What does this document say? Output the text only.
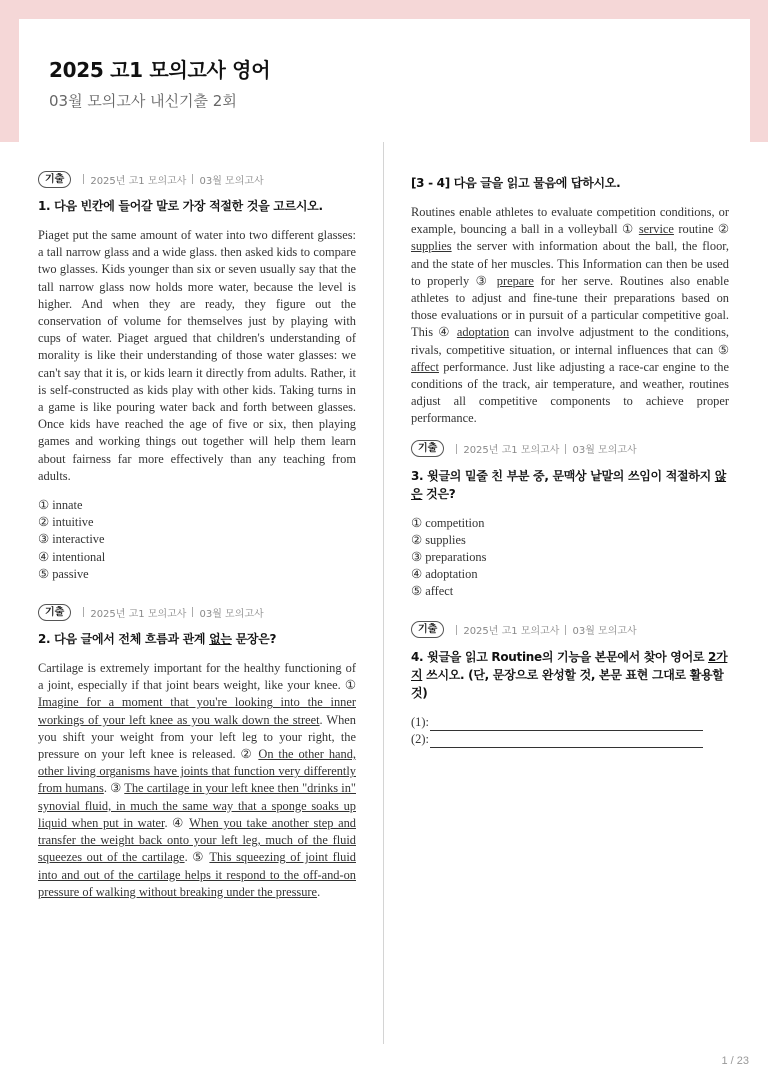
2025 고1 모의고사 영어
03월 모의고사 내신기출 2회
기출	2025년 고1 모의고사 03월 모의고사
1. 다음 빈칸에 들어갈 말로 가장 적절한 것을 고르시오.
Piaget put the same amount of water into two different glasses: a tall narrow glass and a wide glass. then asked kids to compare two glasses. Kids younger than six or seven usually say that the tall narrow glass now holds more water, because the level is higher. And when they are ready, they figure out the conservation of volume for themselves just by playing with cups of water. Piaget argued that children's understanding of morality is like their understanding of those water glasses: we can't say that it is, or kids learn it directly from adults. Rather, it is self-constructed as kids play with other kids. Taking turns in a game is like pouring water back and forth between glasses. Once kids have reached the age of five or six, then playing games and working things out together will help them learn about fairness far more effectively than any teaching from adults.
① innate
② intuitive
③ interactive
④ intentional
⑤ passive
기출	2025년 고1 모의고사 03월 모의고사
2. 다음 글에서 전체 흐름과 관계 없는 문장은?
Cartilage is extremely important for the healthy functioning of a joint, especially if that joint bears weight, like your knee. ① Imagine for a moment that you're looking into the inner workings of your left knee as you walk down the street. When you shift your weight from your left leg to your right, the pressure on your left knee is released. ② On the other hand, other living organisms have joints that function very differently from humans. ③ The cartilage in your left knee then "drinks in" synovial fluid, in much the same way that a sponge soaks up liquid when put in water. ④ When you take another step and transfer the weight back onto your left leg, much of the fluid squeezes out of the cartilage. ⑤ This squeezing of joint fluid into and out of the cartilage helps it respond to the off-and-on pressure of walking without breaking under the pressure.
[3 - 4] 다음 글을 읽고 물음에 답하시오.
Routines enable athletes to evaluate competition conditions, or example, bouncing a ball in a volleyball ① service routine ② supplies the server with information about the ball, the floor, and the state of her muscles. This Information can then be used to properly ③ prepare for her serve. Routines also enable athletes to adjust and fine-tune their preparations based on those evaluations or in pursuit of a particular competitive goal. This ④ adoptation can involve adjustment to the conditions, rivals, competitive situation, or internal influences that can ⑤ affect performance. Just like adjusting a race-car engine to the conditions of the track, air temperature, and weather, routines adjust all competitive components to achieve proper performance.
기출	2025년 고1 모의고사 03월 모의고사
3. 윗글의 밑줄 친 부분 중, 문맥상 낱말의 쓰임이 적절하지 않은 것은?
① competition
② supplies
③ preparations
④ adoptation
⑤ affect
기출	2025년 고1 모의고사 03월 모의고사
4. 윗글을 읽고 Routine의 기능을 본문에서 찾아 영어로 2가지 쓰시오. (단, 문장으로 완성할 것, 본문 표현 그대로 활용할 것)
(1):
(2):
1 / 23
